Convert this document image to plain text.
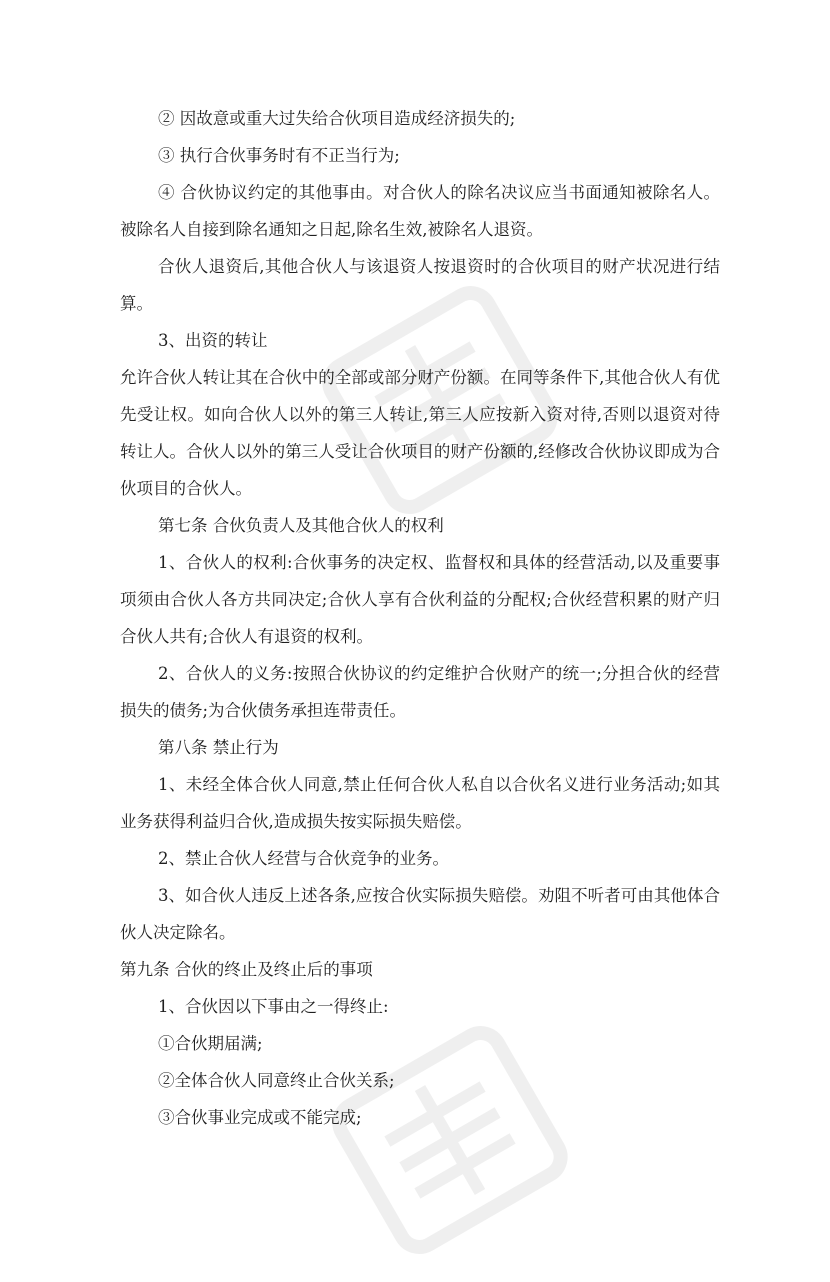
② 因故意或重大过失给合伙项目造成经济损失的;

③ 执行合伙事务时有不正当行为;

④ 合伙协议约定的其他事由。对合伙人的除名决议应当书面通知被除名人。被除名人自接到除名通知之日起,除名生效,被除名人退资。

合伙人退资后,其他合伙人与该退资人按退资时的合伙项目的财产状况进行结算。

3、出资的转让

允许合伙人转让其在合伙中的全部或部分财产份额。在同等条件下,其他合伙人有优先受让权。如向合伙人以外的第三人转让,第三人应按新入资对待,否则以退资对待转让人。合伙人以外的第三人受让合伙项目的财产份额的,经修改合伙协议即成为合伙项目的合伙人。

第七条 合伙负责人及其他合伙人的权利

1、合伙人的权利:合伙事务的决定权、监督权和具体的经营活动,以及重要事项须由合伙人各方共同决定;合伙人享有合伙利益的分配权;合伙经营积累的财产归合伙人共有;合伙人有退资的权利。

2、合伙人的义务:按照合伙协议的约定维护合伙财产的统一;分担合伙的经营损失的债务;为合伙债务承担连带责任。

第八条 禁止行为

1、未经全体合伙人同意,禁止任何合伙人私自以合伙名义进行业务活动;如其业务获得利益归合伙,造成损失按实际损失赔偿。

2、禁止合伙人经营与合伙竞争的业务。

3、如合伙人违反上述各条,应按合伙实际损失赔偿。劝阻不听者可由其他体合伙人决定除名。

第九条 合伙的终止及终止后的事项

1、合伙因以下事由之一得终止:

①合伙期届满;

②全体合伙人同意终止合伙关系;

③合伙事业完成或不能完成;
